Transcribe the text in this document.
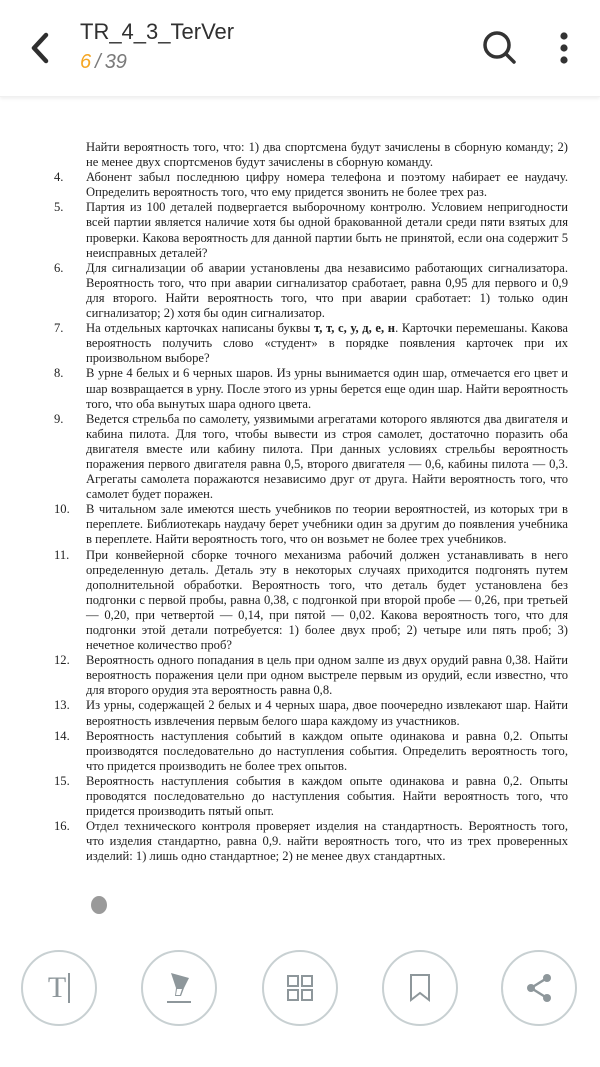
TR_4_3_TerVer
6 / 39
Найти вероятность того, что: 1) два спортсмена будут зачислены в сборную команду; 2) не менее двух спортсменов будут зачислены в сборную команду.
4.	Абонент забыл последнюю цифру номера телефона и поэтому набирает ее наудачу. Определить вероятность того, что ему придется звонить не более трех раз.
5.	Партия из 100 деталей подвергается выборочному контролю. Условием непригодности всей партии является наличие хотя бы одной бракованной детали среди пяти взятых для проверки. Какова вероятность для данной партии быть не принятой, если она содержит 5 неисправных деталей?
6.	Для сигнализации об аварии установлены два независимо работающих сигнализатора. Вероятность того, что при аварии сигнализатор сработает, равна 0,95 для первого и 0,9 для второго. Найти вероятность того, что при аварии сработает: 1) только один сигнализатор; 2) хотя бы один сигнализатор.
7.	На отдельных карточках написаны буквы т, т, с, у, д, е, н. Карточки перемешаны. Какова вероятность получить слово «студент» в порядке появления карточек при их произвольном выборе?
8.	В урне 4 белых и 6 черных шаров. Из урны вынимается один шар, отмечается его цвет и шар возвращается в урну. После этого из урны берется еще один шар. Найти вероятность того, что оба вынутых шара одного цвета.
9.	Ведется стрельба по самолету, уязвимыми агрегатами которого являются два двигателя и кабина пилота. Для того, чтобы вывести из строя самолет, достаточно поразить оба двигателя вместе или кабину пилота. При данных условиях стрельбы вероятность поражения первого двигателя равна 0,5, второго двигателя — 0,6, кабины пилота — 0,3. Агрегаты самолета поражаются независимо друг от друга. Найти вероятность того, что самолет будет поражен.
10.	В читальном зале имеются шесть учебников по теории вероятностей, из которых три в переплете. Библиотекарь наудачу берет учебники один за другим до появления учебника в переплете. Найти вероятность того, что он возьмет не более трех учебников.
11.	При конвейерной сборке точного механизма рабочий должен устанавливать в него определенную деталь. Деталь эту в некоторых случаях приходится подгонять путем дополнительной обработки. Вероятность того, что деталь будет установлена без подгонки с первой пробы, равна 0,38, с подгонкой при второй пробе — 0,26, при третьей — 0,20, при четвертой — 0,14, при пятой — 0,02. Какова вероятность того, что для подгонки этой детали потребуется: 1) более двух проб; 2) четыре или пять проб; 3) нечетное количество проб?
12.	Вероятность одного попадания в цель при одном залпе из двух орудий равна 0,38. Найти вероятность поражения цели при одном выстреле первым из орудий, если известно, что для второго орудия эта вероятность равна 0,8.
13.	Из урны, содержащей 2 белых и 4 черных шара, двое поочередно извлекают шар. Найти вероятность извлечения первым белого шара каждому из участников.
14.	Вероятность наступления событий в каждом опыте одинакова и равна 0,2. Опыты производятся последовательно до наступления события. Определить вероятность того, что придется производить не более трех опытов.
15.	Вероятность наступления события в каждом опыте одинакова и равна 0,2. Опыты проводятся последовательно до наступления события. Найти вероятность того, что придется производить пятый опыт.
16.	Отдел технического контроля проверяет изделия на стандартность. Вероятность того, что изделия стандартно, равна 0,9. найти вероятность того, что из трех проверенных изделий: 1) лишь одно стандартное; 2) не менее двух стандартных.
T
